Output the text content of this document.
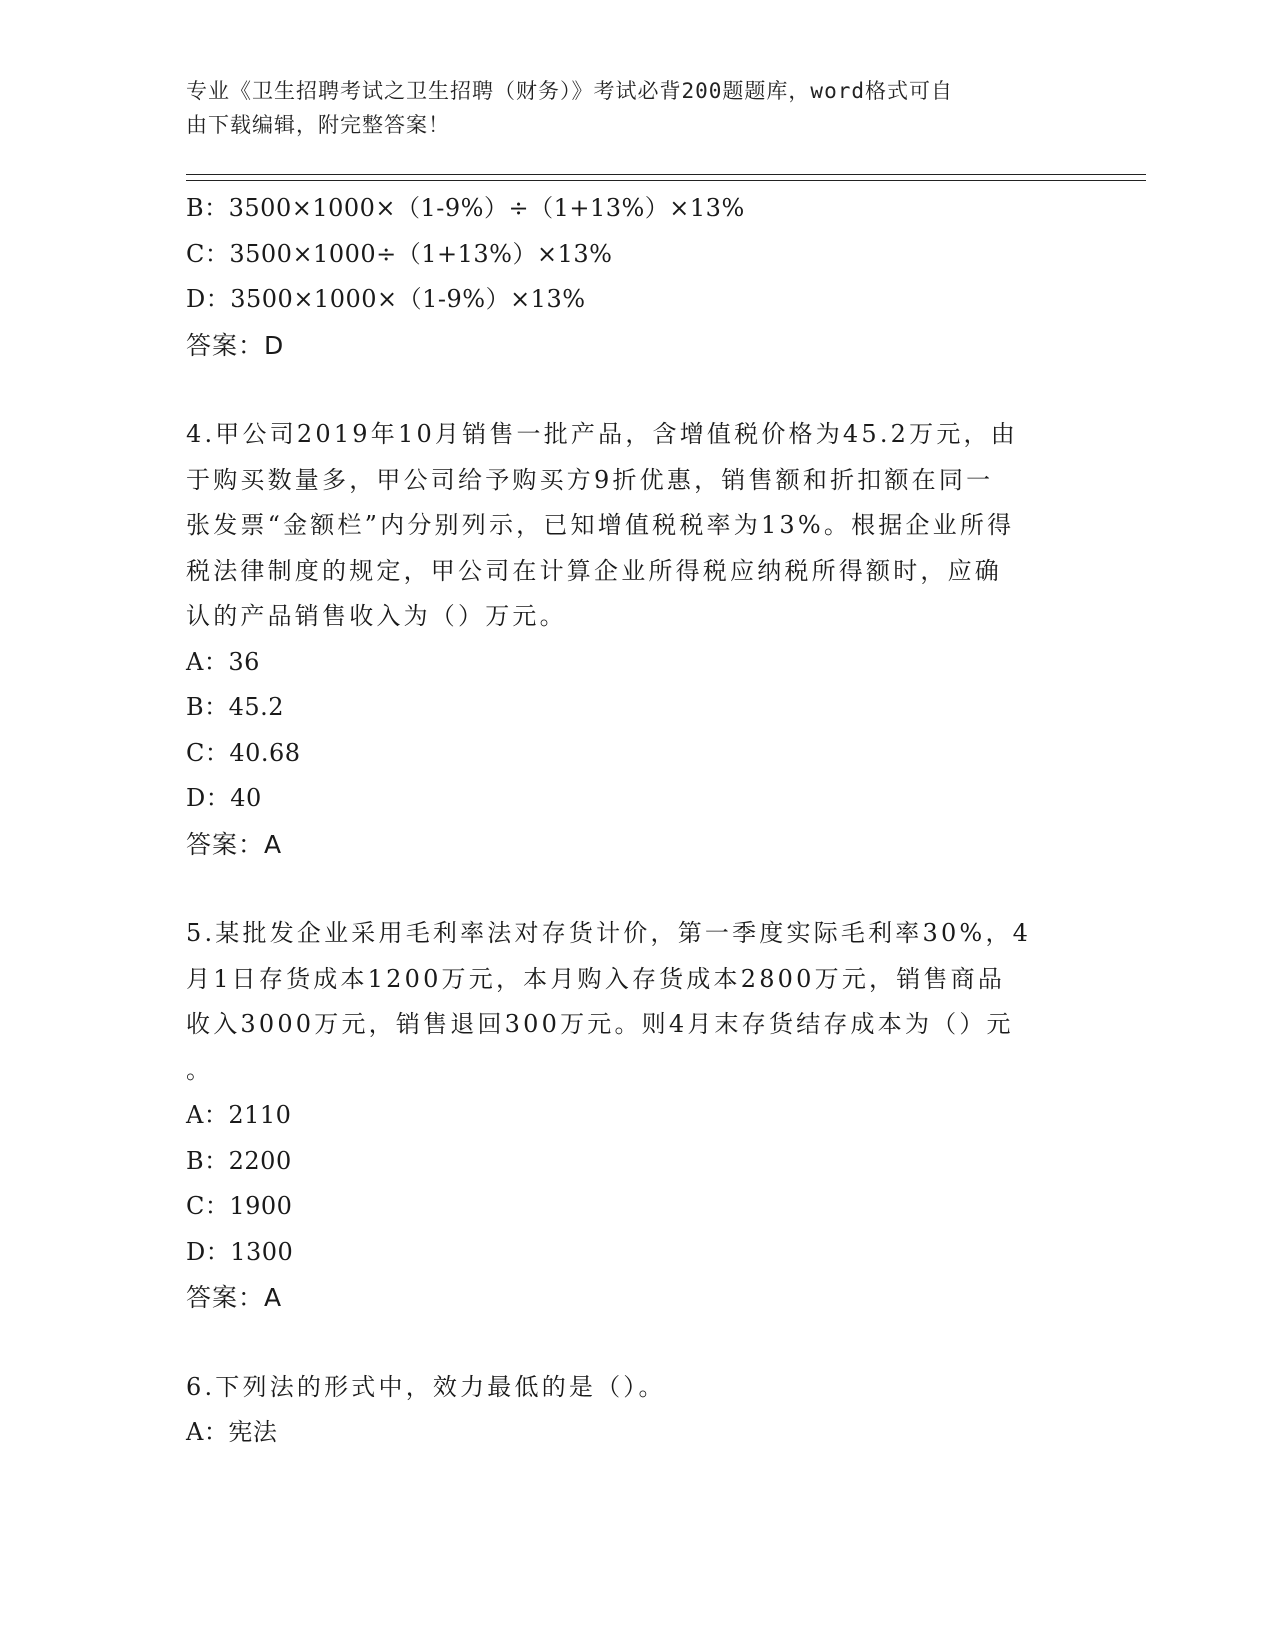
专业《卫生招聘考试之卫生招聘（财务）》考试必背200题题库，word格式可自
由下载编辑，附完整答案！
B：3500×1000×（1-9%）÷（1+13%）×13%
C：3500×1000÷（1+13%）×13%
D：3500×1000×（1-9%）×13%
答案：D
4.甲公司2019年10月销售一批产品，含增值税价格为45.2万元，由
于购买数量多，甲公司给予购买方9折优惠，销售额和折扣额在同一
张发票“金额栏”内分别列示，已知增值税税率为13%。根据企业所得
税法律制度的规定，甲公司在计算企业所得税应纳税所得额时，应确
认的产品销售收入为（）万元。
A：36
B：45.2
C：40.68
D：40
答案：A
5.某批发企业采用毛利率法对存货计价，第一季度实际毛利率30%，4
月1日存货成本1200万元，本月购入存货成本2800万元，销售商品
收入3000万元，销售退回300万元。则4月末存货结存成本为（）元
。
A：2110
B：2200
C：1900
D：1300
答案：A
6.下列法的形式中，效力最低的是（）。
A：宪法
